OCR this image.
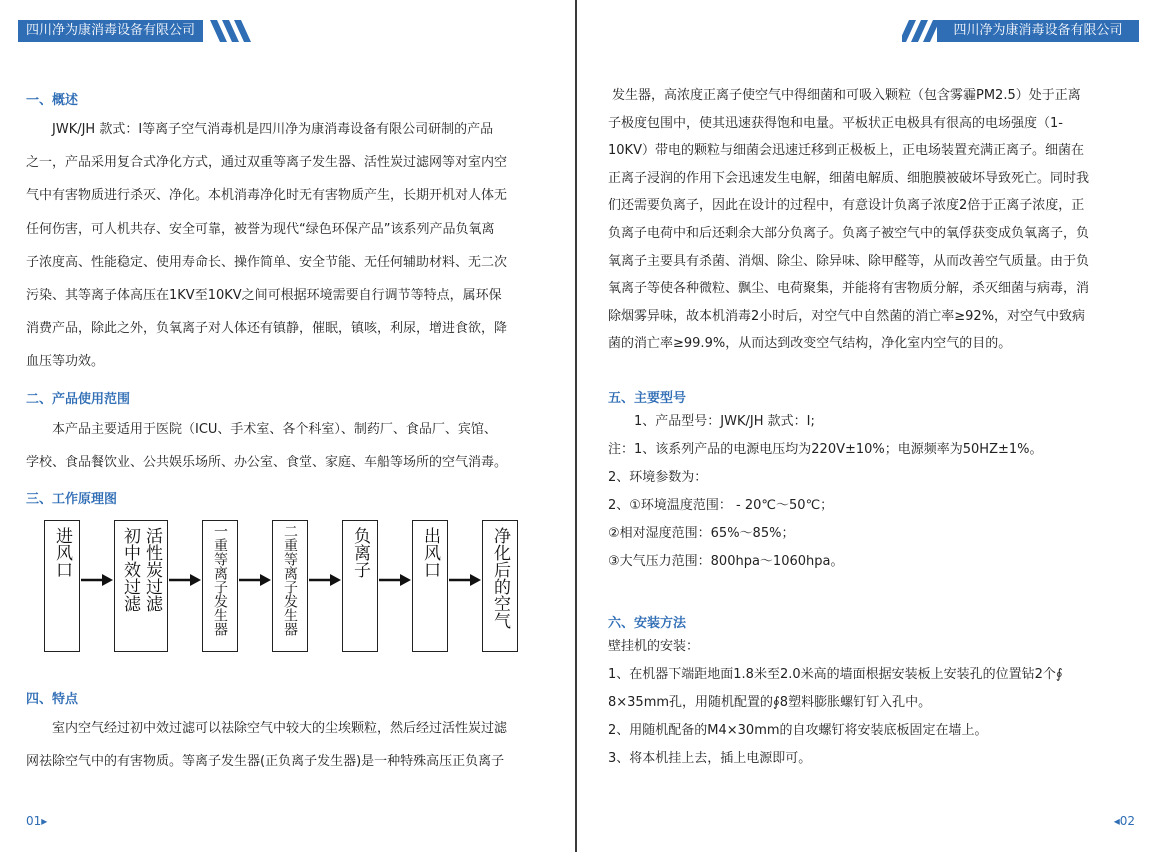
四川净为康消毒设备有限公司
一、概述
JWK/JH 款式：I等离子空气消毒机是四川净为康消毒设备有限公司研制的产品
之一，产品采用复合式净化方式，通过双重等离子发生器、活性炭过滤网等对室内空
气中有害物质进行杀灭、净化。本机消毒净化时无有害物质产生，长期开机对人体无
任何伤害，可人机共存、安全可靠，被誉为现代“绿色环保产品”该系列产品负氧离
子浓度高、性能稳定、使用寿命长、操作简单、安全节能、无任何辅助材料、无二次
污染、其等离子体高压在1KV至10KV之间可根据环境需要自行调节等特点，属环保
消费产品，除此之外，负氧离子对人体还有镇静，催眠，镇咳，利尿，增进食欲，降
血压等功效。
二、产品使用范围
本产品主要适用于医院（ICU、手术室、各个科室）、制药厂、食品厂、宾馆、
学校、食品餐饮业、公共娱乐场所、办公室、食堂、家庭、车船等场所的空气消毒。
三、工作原理图
进风口	活性炭过滤
初中效过滤	一重等离子发生器	二重等离子发生器	负离子	出风口	净化后的空气
四、特点
室内空气经过初中效过滤可以祛除空气中较大的尘埃颗粒，然后经过活性炭过滤
网祛除空气中的有害物质。等离子发生器(正负离子发生器)是一种特殊高压正负离子
01▸
四川净为康消毒设备有限公司
发生器，高浓度正离子使空气中得细菌和可吸入颗粒（包含雾霾PM2.5）处于正离
子极度包围中，使其迅速获得饱和电量。平板状正电极具有很高的电场强度（1-
10KV）带电的颗粒与细菌会迅速迁移到正极板上，正电场装置充满正离子。细菌在
正离子浸润的作用下会迅速发生电解，细菌电解质、细胞膜被破坏导致死亡。同时我
们还需要负离子，因此在设计的过程中，有意设计负离子浓度2倍于正离子浓度，正
负离子电荷中和后还剩余大部分负离子。负离子被空气中的氧俘获变成负氧离子，负
氧离子主要具有杀菌、消烟、除尘、除异味、除甲醛等，从而改善空气质量。由于负
氧离子等使各种微粒、飘尘、电荷聚集，并能将有害物质分解，杀灭细菌与病毒，消
除烟雾异味，故本机消毒2小时后，对空气中自然菌的消亡率≥92%，对空气中致病
菌的消亡率≥99.9%，从而达到改变空气结构，净化室内空气的目的。
五、主要型号
1、产品型号：JWK/JH 款式：I;
注：1、该系列产品的电源电压均为220V±10%；电源频率为50HZ±1%。
2、环境参数为：
2、①环境温度范围： - 20℃～50℃；
②相对湿度范围：65%～85%；
③大气压力范围：800hpa～1060hpa。
六、安装方法
壁挂机的安装：
1、在机器下端距地面1.8米至2.0米高的墙面根据安装板上安装孔的位置钻2个∮
8×35mm孔，用随机配置的∮8塑料膨胀螺钉钉入孔中。
2、用随机配备的M4×30mm的自攻螺钉将安装底板固定在墙上。
3、将本机挂上去，插上电源即可。
◂02
